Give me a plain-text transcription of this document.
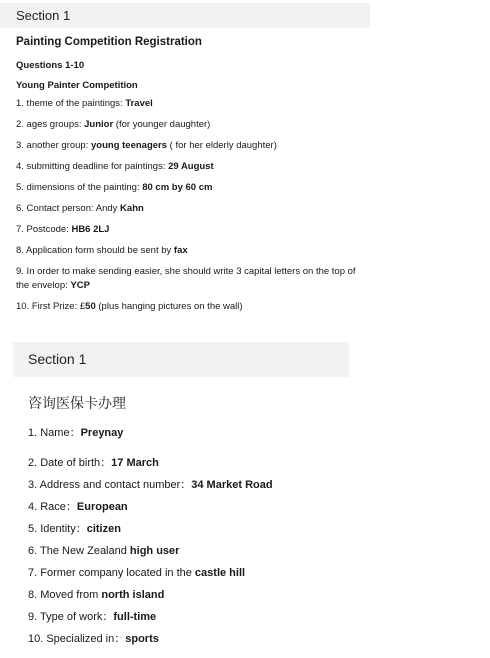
Section 1

Painting Competition Registration

Questions 1-10

Young Painter Competition

1. theme of the paintings: Travel

2. ages groups: Junior (for younger daughter)

3. another group: young teenagers ( for her elderly daughter)

4. submitting deadline for paintings: 29 August

5. dimensions of the painting: 80 cm by 60 cm

6. Contact person: Andy Kahn

7. Postcode: HB6 2LJ

8. Application form should be sent by fax

9. In order to make sending easier, she should write 3 capital letters on the top of the envelop: YCP

10. First Prize: £50 (plus hanging pictures on the wall)

Section 1

咨询医保卡办理

1. Name：Preynay

2. Date of birth：17 March

3. Address and contact number：34 Market Road

4. Race：European

5. Identity：citizen

6. The New Zealand high user

7. Former company located in the castle hill

8. Moved from north island

9. Type of work：full-time

10. Specialized in：sports
